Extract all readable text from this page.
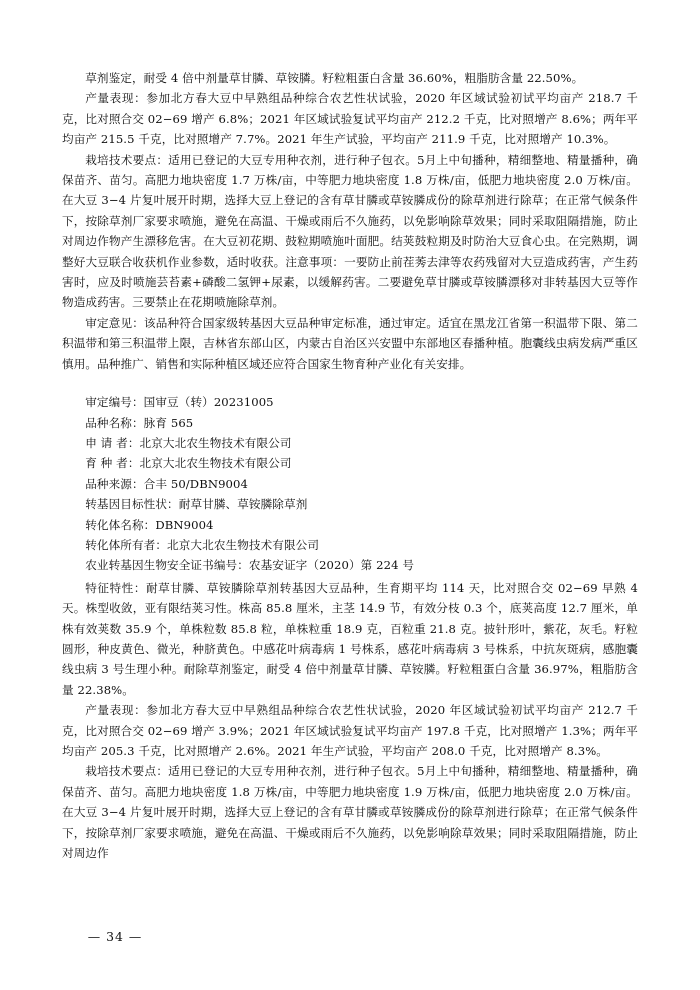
草剂鉴定，耐受 4 倍中剂量草甘膦、草铵膦。籽粒粗蛋白含量 36.60%，粗脂肪含量 22.50%。

产量表现：参加北方春大豆中早熟组品种综合农艺性状试验，2020 年区域试验初试平均亩产 218.7 千克，比对照合交 02−69 增产 6.8%；2021 年区域试验复试平均亩产 212.2 千克，比对照增产 8.6%；两年平均亩产 215.5 千克，比对照增产 7.7%。2021 年生产试验，平均亩产 211.9 千克，比对照增产 10.3%。

栽培技术要点：适用已登记的大豆专用种衣剂，进行种子包衣。5月上中旬播种，精细整地、精量播种，确保苗齐、苗匀。高肥力地块密度 1.7 万株/亩，中等肥力地块密度 1.8 万株/亩，低肥力地块密度 2.0 万株/亩。在大豆 3−4 片复叶展开时期，选择大豆上登记的含有草甘膦或草铵膦成份的除草剂进行除草；在正常气候条件下，按除草剂厂家要求喷施，避免在高温、干燥或雨后不久施药，以免影响除草效果；同时采取阻隔措施，防止对周边作物产生漂移危害。在大豆初花期、鼓粒期喷施叶面肥。结荚鼓粒期及时防治大豆食心虫。在完熟期，调整好大豆联合收获机作业参数，适时收获。注意事项：一要防止前茬莠去津等农药残留对大豆造成药害，产生药害时，应及时喷施芸苔素+磷酸二氢钾+尿素，以缓解药害。二要避免草甘膦或草铵膦漂移对非转基因大豆等作物造成药害。三要禁止在花期喷施除草剂。

审定意见：该品种符合国家级转基因大豆品种审定标准，通过审定。适宜在黑龙江省第一积温带下限、第二积温带和第三积温带上限，吉林省东部山区，内蒙古自治区兴安盟中东部地区春播种植。胞囊线虫病发病严重区慎用。品种推广、销售和实际种植区域还应符合国家生物育种产业化有关安排。

审定编号：国审豆（转）20231005

品种名称：脉育 565

申 请 者：北京大北农生物技术有限公司

育 种 者：北京大北农生物技术有限公司

品种来源：合丰 50/DBN9004

转基因目标性状：耐草甘膦、草铵膦除草剂

转化体名称：DBN9004

转化体所有者：北京大北农生物技术有限公司

农业转基因生物安全证书编号：农基安证字（2020）第 224 号

特征特性：耐草甘膦、草铵膦除草剂转基因大豆品种，生育期平均 114 天，比对照合交 02−69 早熟 4 天。株型收敛，亚有限结荚习性。株高 85.8 厘米，主茎 14.9 节，有效分枝 0.3 个，底荚高度 12.7 厘米，单株有效荚数 35.9 个，单株粒数 85.8 粒，单株粒重 18.9 克，百粒重 21.8 克。披针形叶，紫花，灰毛。籽粒圆形，种皮黄色、微光，种脐黄色。中感花叶病毒病 1 号株系，感花叶病毒病 3 号株系，中抗灰斑病，感胞囊线虫病 3 号生理小种。耐除草剂鉴定，耐受 4 倍中剂量草甘膦、草铵膦。籽粒粗蛋白含量 36.97%，粗脂肪含量 22.38%。

产量表现：参加北方春大豆中早熟组品种综合农艺性状试验，2020 年区域试验初试平均亩产 212.7 千克，比对照合交 02−69 增产 3.9%；2021 年区域试验复试平均亩产 197.8 千克，比对照增产 1.3%；两年平均亩产 205.3 千克，比对照增产 2.6%。2021 年生产试验，平均亩产 208.0 千克，比对照增产 8.3%。

栽培技术要点：适用已登记的大豆专用种衣剂，进行种子包衣。5月上中旬播种，精细整地、精量播种，确保苗齐、苗匀。高肥力地块密度 1.8 万株/亩，中等肥力地块密度 1.9 万株/亩，低肥力地块密度 2.0 万株/亩。在大豆 3−4 片复叶展开时期，选择大豆上登记的含有草甘膦或草铵膦成份的除草剂进行除草；在正常气候条件下，按除草剂厂家要求喷施，避免在高温、干燥或雨后不久施药，以免影响除草效果；同时采取阻隔措施，防止对周边作

— 34 —
